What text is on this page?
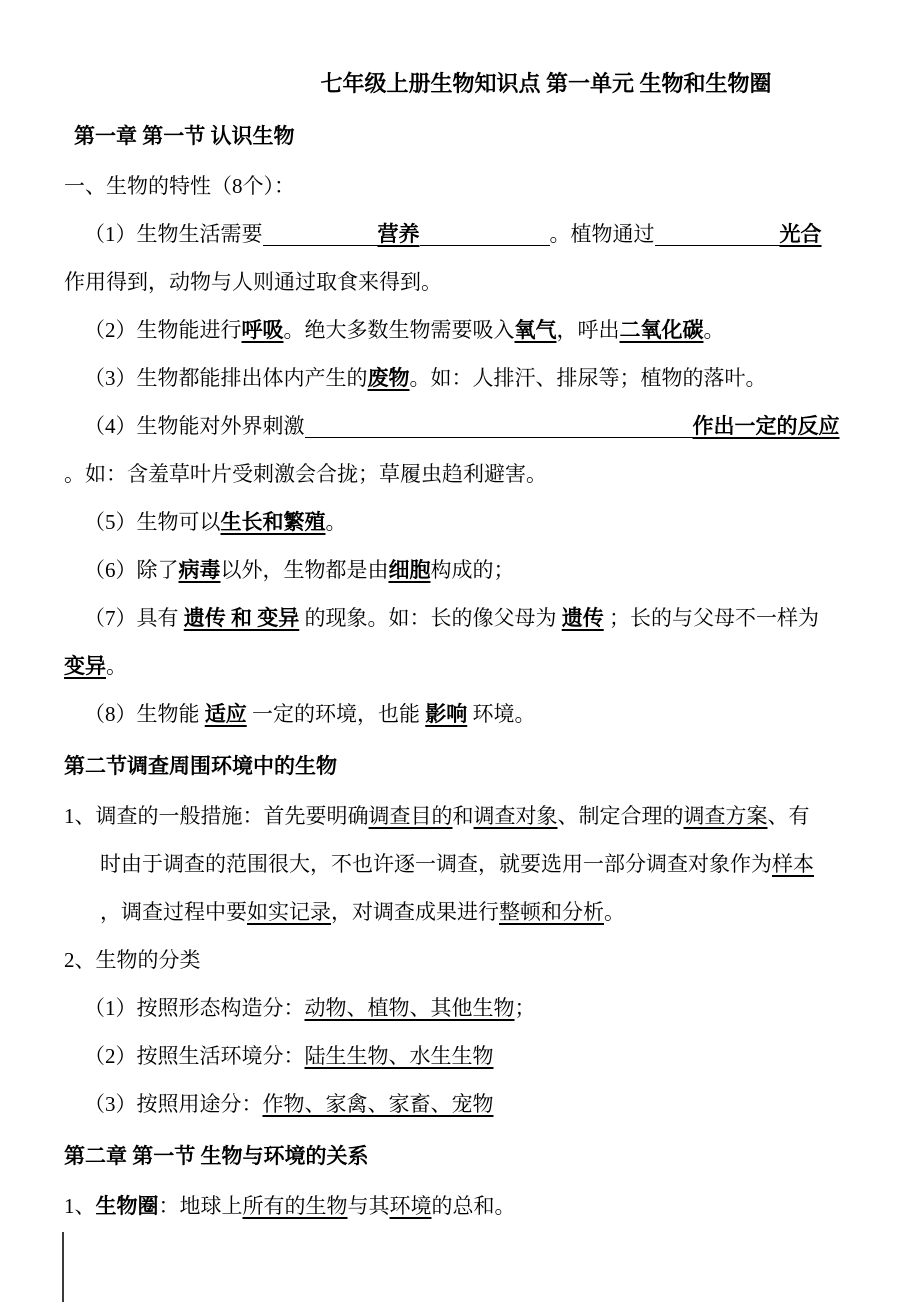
七年级上册生物知识点 第一单元 生物和生物圈
第一章 第一节 认识生物
一、生物的特性（8个）：
（1）生物生活需要	营养	。植物通过	光合
作用得到，动物与人则通过取食来得到。
（2）生物能进行呼吸。绝大多数生物需要吸入氧气，呼出二氧化碳。
（3）生物都能排出体内产生的废物。如：人排汗、排尿等；植物的落叶。
（4）生物能对外界刺激	作出一定的反应
。如：含羞草叶片受刺激会合拢；草履虫趋利避害。
（5）生物可以生长和繁殖。
（6）除了病毒以外，生物都是由细胞构成的；
（7）具有 遗传 和 变异 的现象。如：长的像父母为 遗传 ；长的与父母不一样为
变异。
（8）生物能 适应 一定的环境，也能 影响 环境。
第二节调查周围环境中的生物
1、调查的一般措施：首先要明确调查目的和调查对象、制定合理的调查方案、有
时由于调查的范围很大，不也许逐一调查，就要选用一部分调查对象作为样本
，调查过程中要如实记录，对调查成果进行整顿和分析。
2、生物的分类
（1）按照形态构造分：动物、植物、其他生物；
（2）按照生活环境分：陆生生物、水生生物
（3）按照用途分：作物、家禽、家畜、宠物
第二章 第一节 生物与环境的关系
1、生物圈：地球上所有的生物与其环境的总和。
